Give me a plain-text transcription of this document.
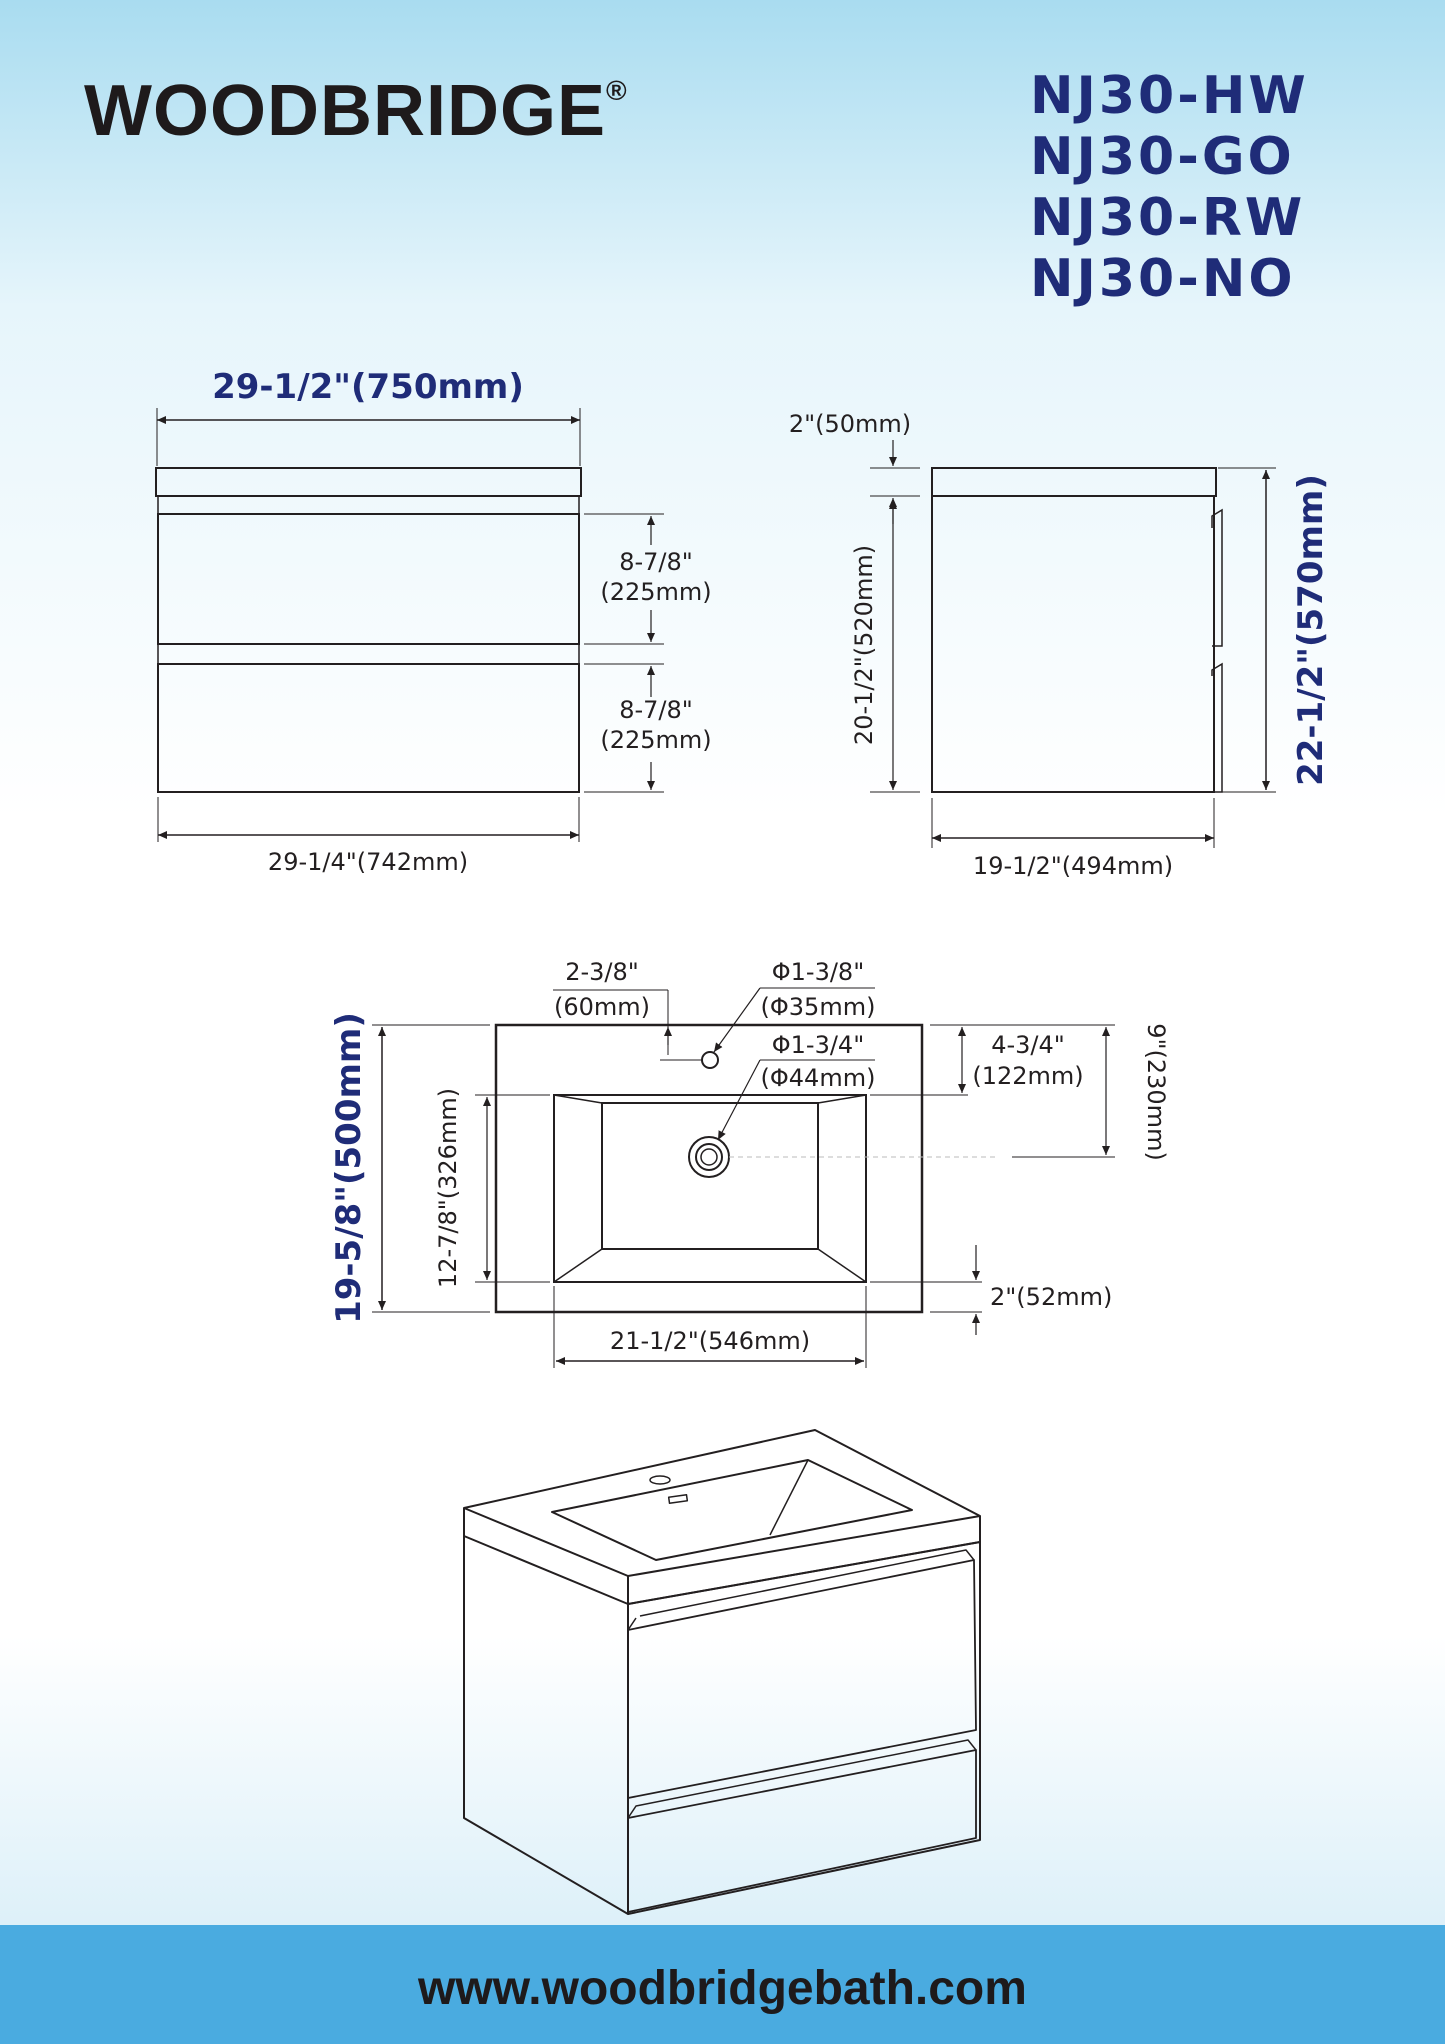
WOODBRIDGE®	NJ30-HW
NJ30-GO
NJ30-RW
NJ30-NO
29-1/2"(750mm)
8-7/8"
(225mm)
8-7/8"
(225mm)
29-1/4"(742mm)
2"(50mm)
20-1/2"(520mm)	22-1/2"(570mm)
19-1/2"(494mm)
2-3/8"
(60mm)
Φ1-3/8"
(Φ35mm)
Φ1-3/4"
(Φ44mm)
4-3/4"
(122mm) 9"(230mm)
2"(52mm)
19-5/8"(500mm)	12-7/8"(326mm)
21-1/2"(546mm)
www.woodbridgebath.com
